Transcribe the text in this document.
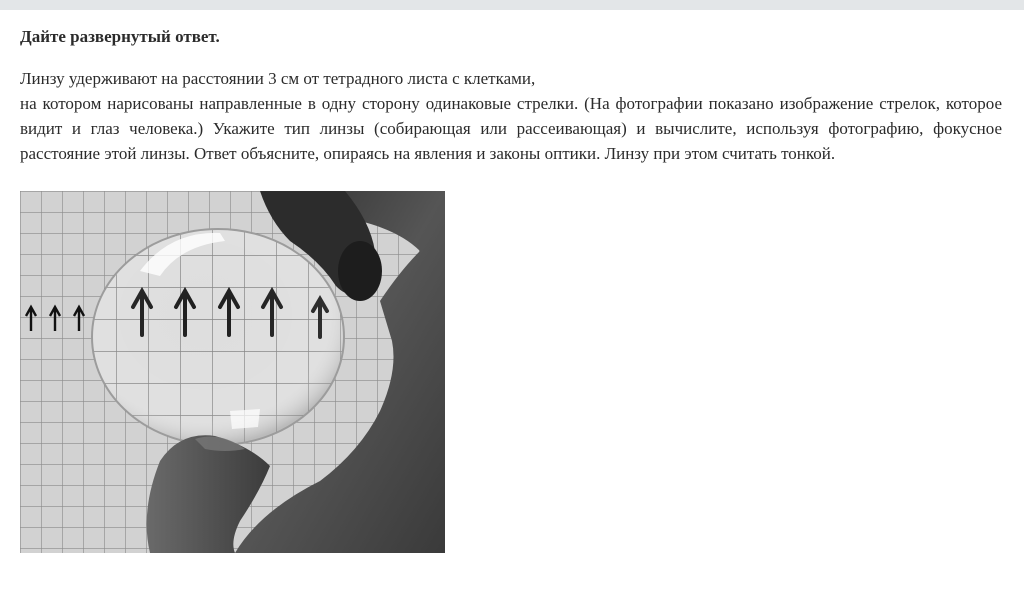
Дайте развернутый ответ.
Линзу удерживают на расстоянии 3 см от тетрадного листа с клетками,
на котором нарисованы направленные в одну сторону одинаковые стрелки. (На фотографии показано изображение стрелок, которое видит и глаз человека.) Укажите тип линзы (собирающая или рассеивающая) и вычислите, используя фотографию, фокусное расстояние этой линзы. Ответ объясните, опираясь на явления и законы оптики. Линзу при этом считать тонкой.
